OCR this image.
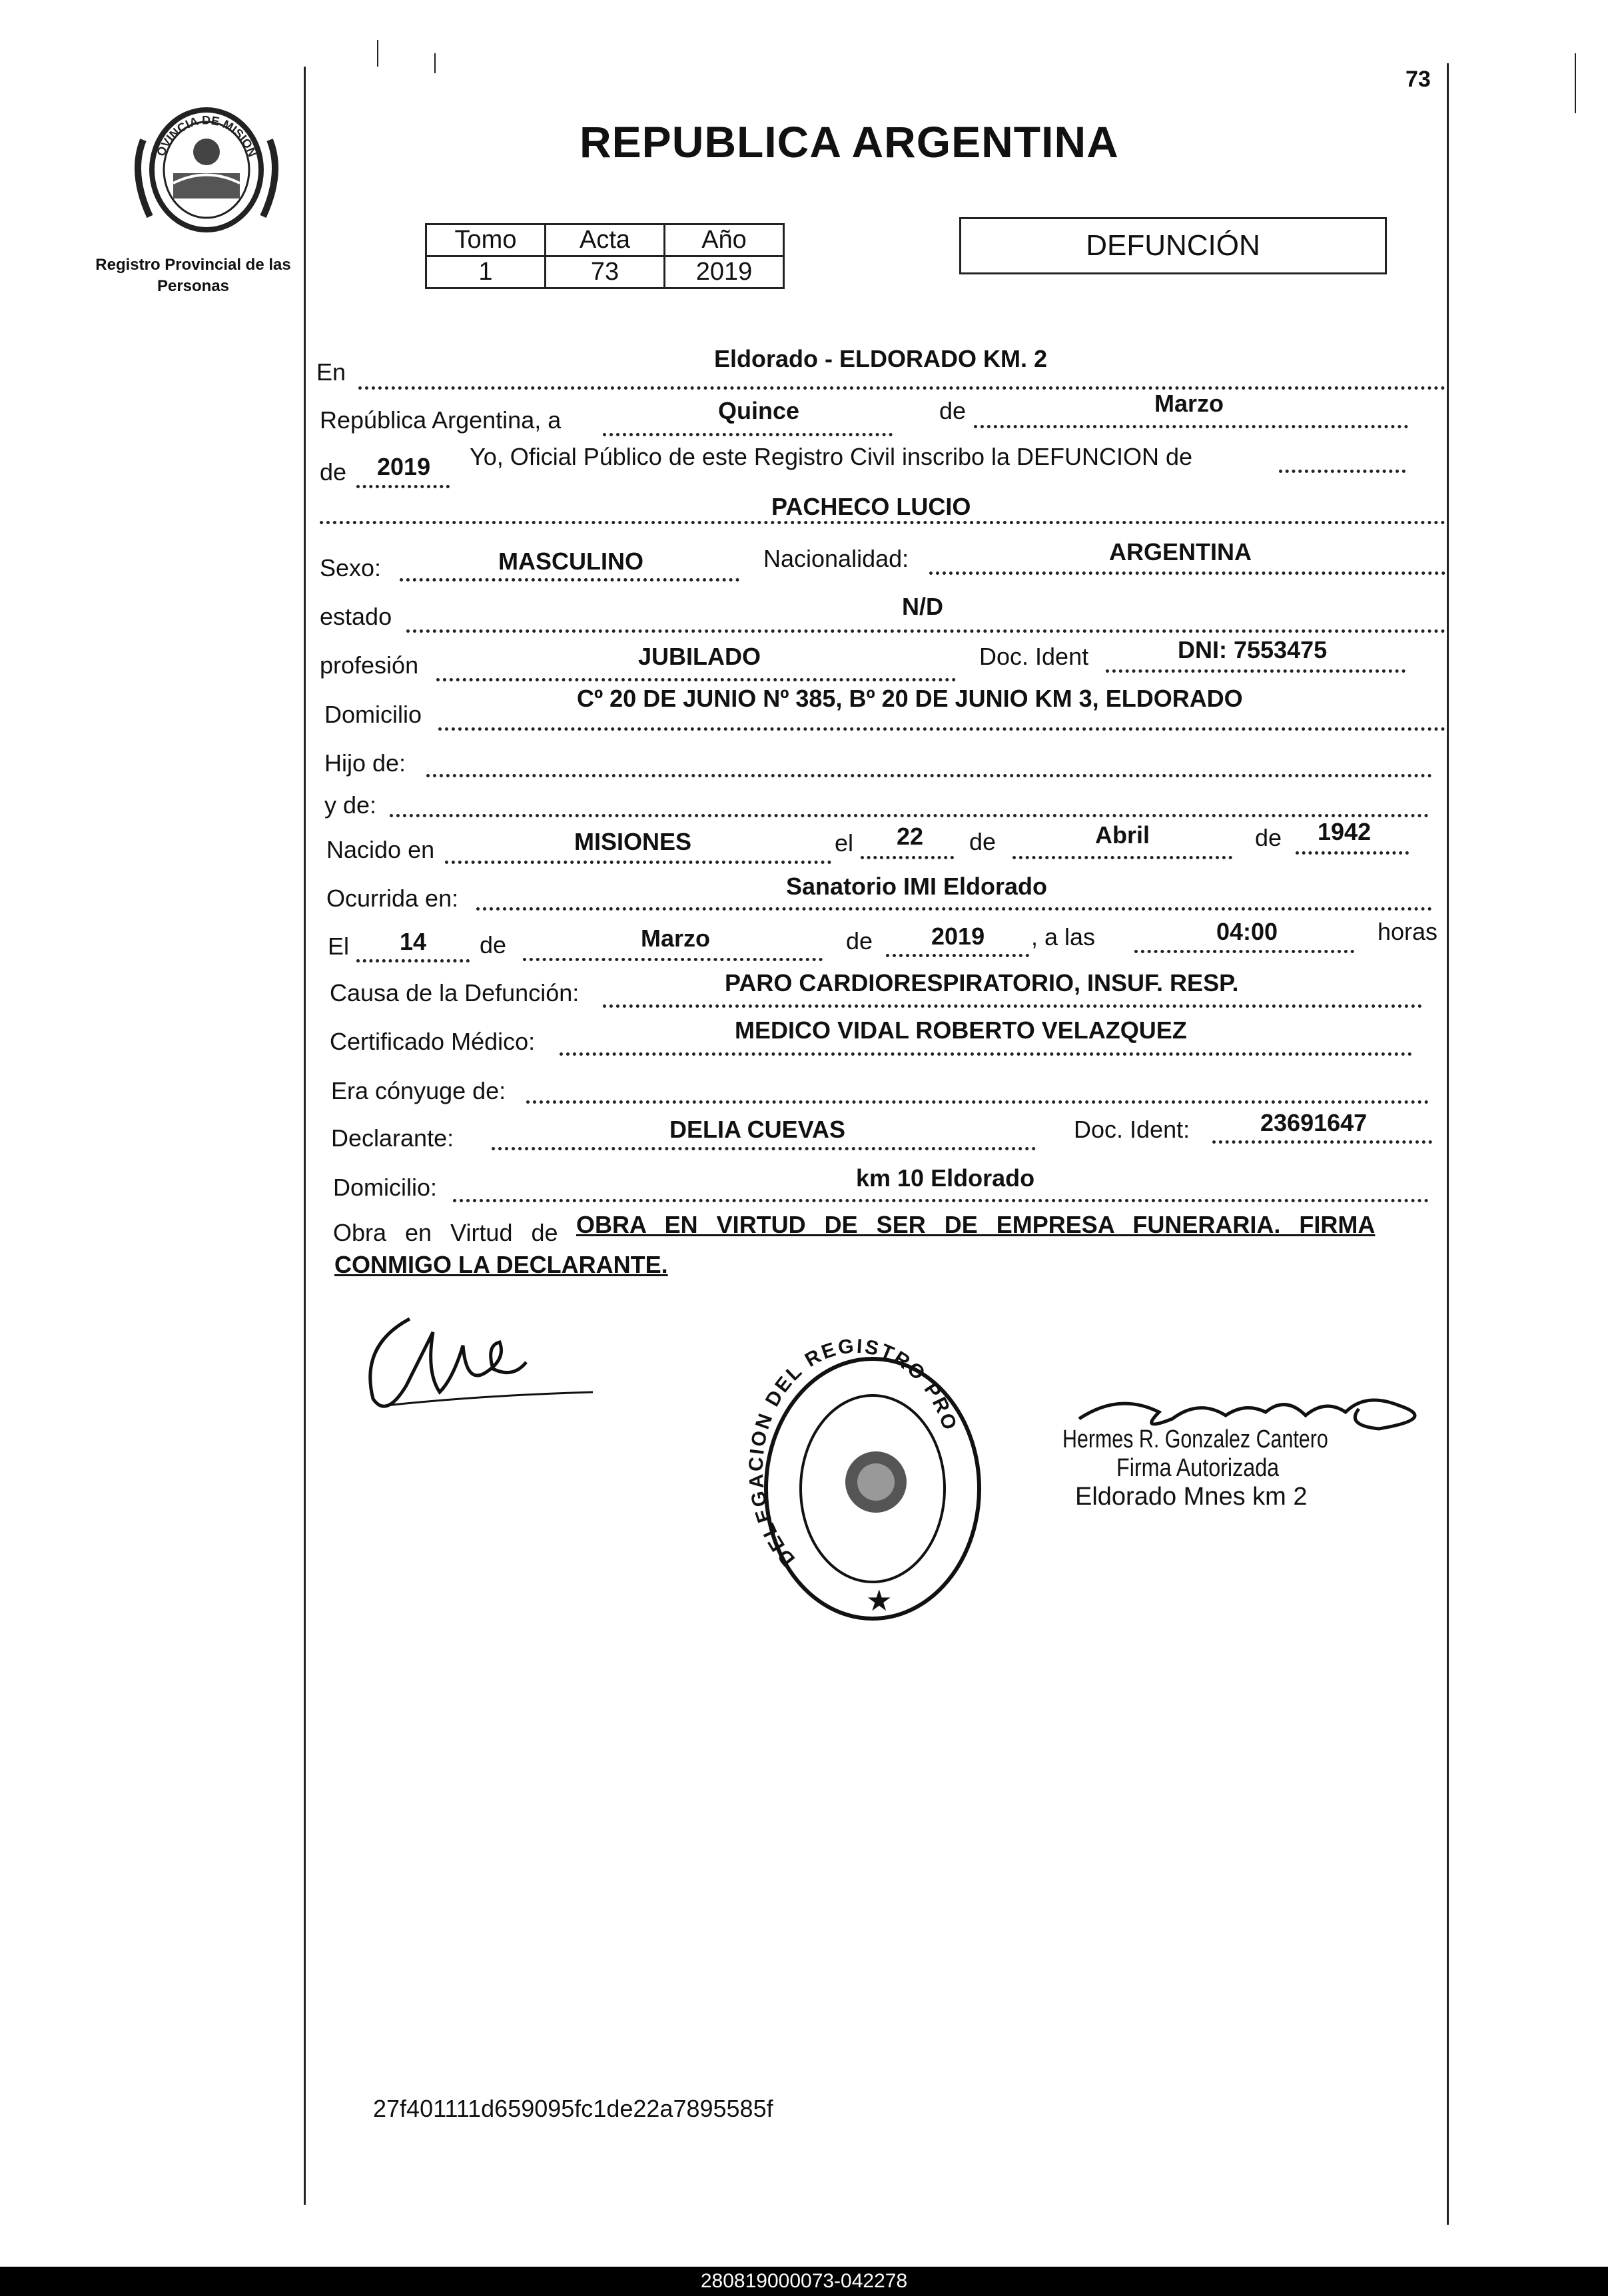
OVINCIA DE MISION
Registro Provincial de las Personas
73
REPUBLICA ARGENTINA
Tomo	Acta	Año
1	73	2019
DEFUNCIÓN
En	Eldorado - ELDORADO KM. 2
República Argentina, a	Quince	de	Marzo
de 2019 Yo, Oficial Público de este Registro Civil inscribo la DEFUNCION de
PACHECO LUCIO
Sexo:	MASCULINO	Nacionalidad:	ARGENTINA
estado	N/D
profesión	JUBILADO	Doc. Ident	DNI: 7553475
Domicilio
Cº 20 DE JUNIO Nº 385, Bº 20 DE JUNIO KM 3, ELDORADO
Hijo de:
y de:
Nacido en	MISIONES	el 22 de	Abril	de 1942
Ocurrida en:	Sanatorio IMI Eldorado
El 14 de	Marzo	de 2019 , a las	04:00	horas
Causa de la Defunción:	PARO CARDIORESPIRATORIO, INSUF. RESP.
Certificado Médico:	MEDICO VIDAL ROBERTO VELAZQUEZ
Era cónyuge de:
Declarante:	DELIA CUEVAS	Doc. Ident:	23691647
Domicilio:	km 10 Eldorado
Obra en Virtud de OBRA EN VIRTUD DE SER DE EMPRESA FUNERARIA. FIRMA
CONMIGO LA DECLARANTE.
DELEGACION DEL REGISTRO PRO
★
Hermes R. Gonzalez Cantero
Firma Autorizada
Eldorado Mnes km 2
27f401111d659095fc1de22a7895585f
280819000073-042278
